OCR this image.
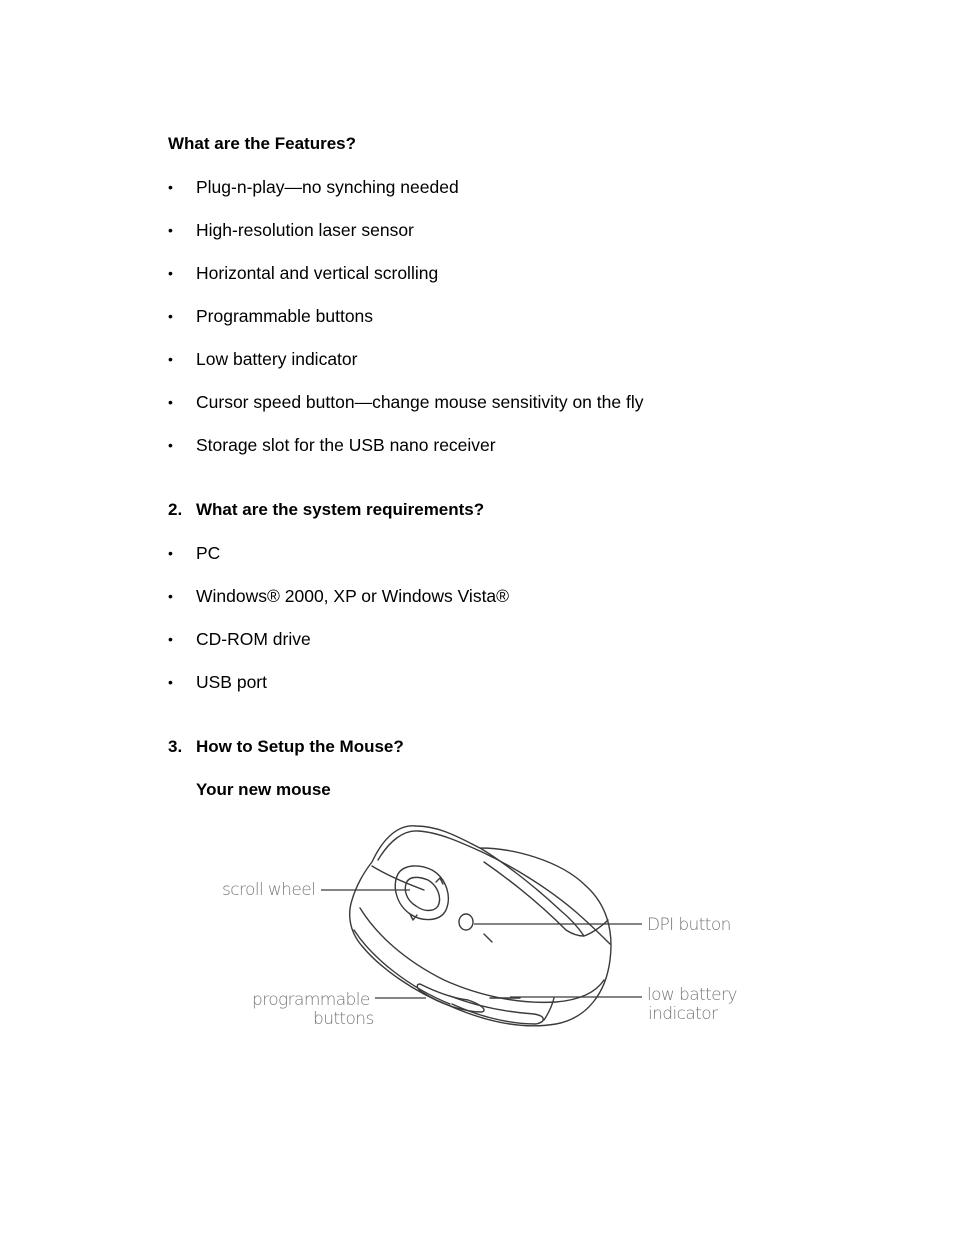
What are the Features?
• Plug-n-play—no synching needed
• High-resolution laser sensor
• Horizontal and vertical scrolling
• Programmable buttons
• Low battery indicator
• Cursor speed button—change mouse sensitivity on the fly
• Storage slot for the USB nano receiver
2. What are the system requirements?
• PC
• Windows® 2000, XP or Windows Vista®
• CD-ROM drive
• USB port
3. How to Setup the Mouse?
Your new mouse
scroll wheel
DPI button
programmable
buttons
low battery
indicator
